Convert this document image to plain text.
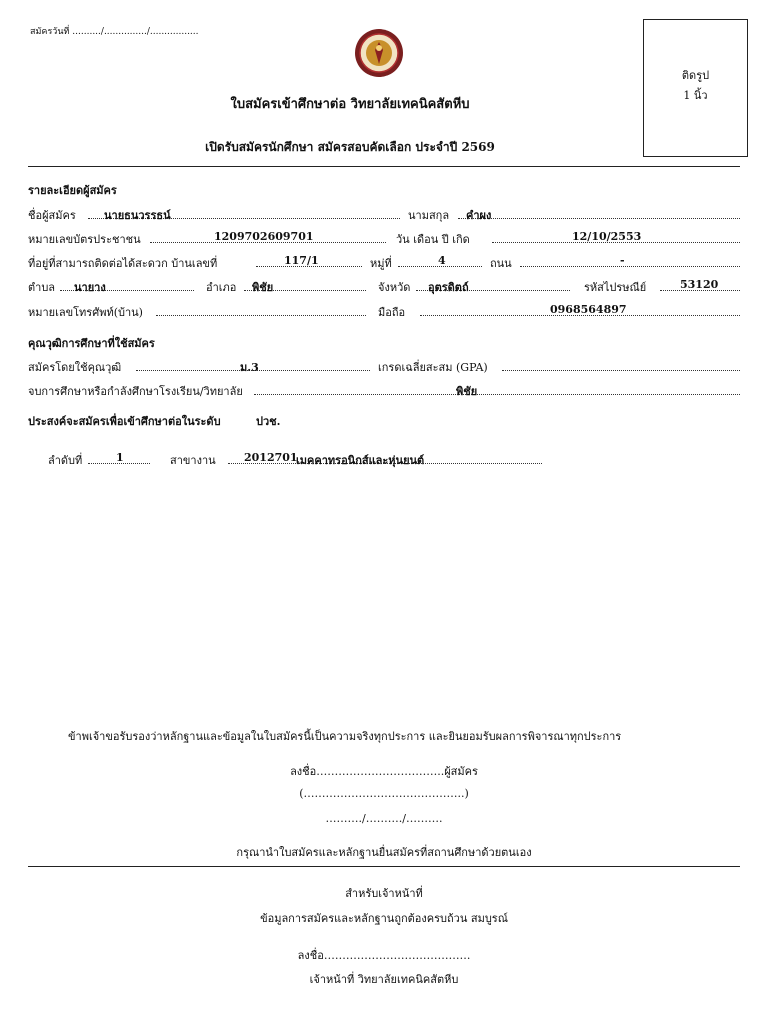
สมัครวันที่ ........../.............../.................
ติดรูป
1 นิ้ว
ใบสมัครเข้าศึกษาต่อ วิทยาลัยเทคนิคสัตหีบ
เปิดรับสมัครนักศึกษา สมัครสอบคัดเลือก ประจำปี 2569
รายละเอียดผู้สมัคร
ชื่อผู้สมัคร	นายธนวรรธน์	นามสกุล คำผง
หมายเลขบัตรประชาชน	1209702609701	วัน เดือน ปี เกิด	12/10/2553
ที่อยู่ที่สามารถติดต่อได้สะดวก บ้านเลขที่	117/1	หมู่ที่	4	ถนน	-
ตำบล นายาง	อำเภอ พิชัย	จังหวัด อุตรดิตถ์	รหัสไปรษณีย์	53120
หมายเลขโทรศัพท์(บ้าน)	มือถือ	0968564897
คุณวุฒิการศึกษาที่ใช้สมัคร
สมัครโดยใช้คุณวุฒิ	ม.3	เกรดเฉลี่ยสะสม (GPA)
จบการศึกษาหรือกำลังศึกษาโรงเรียน/วิทยาลัย	พิชัย
ประสงค์จะสมัครเพื่อเข้าศึกษาต่อในระดับ	ปวช.
ลำดับที่	1	สาขางาน	2012701
เมคคาทรอนิกส์และหุ่นยนต์
ข้าพเจ้าขอรับรองว่าหลักฐานและข้อมูลในใบสมัครนี้เป็นความจริงทุกประการ และยินยอมรับผลการพิจารณาทุกประการ
ลงชื่อ……………………………..ผู้สมัคร
(……………………………………..)
………./………./……….
กรุณานำใบสมัครและหลักฐานยื่นสมัครที่สถานศึกษาด้วยตนเอง
สำหรับเจ้าหน้าที่
ข้อมูลการสมัครและหลักฐานถูกต้องครบถ้วน สมบูรณ์
ลงชื่อ………………………………….
เจ้าหน้าที่ วิทยาลัยเทคนิคสัตหีบ
